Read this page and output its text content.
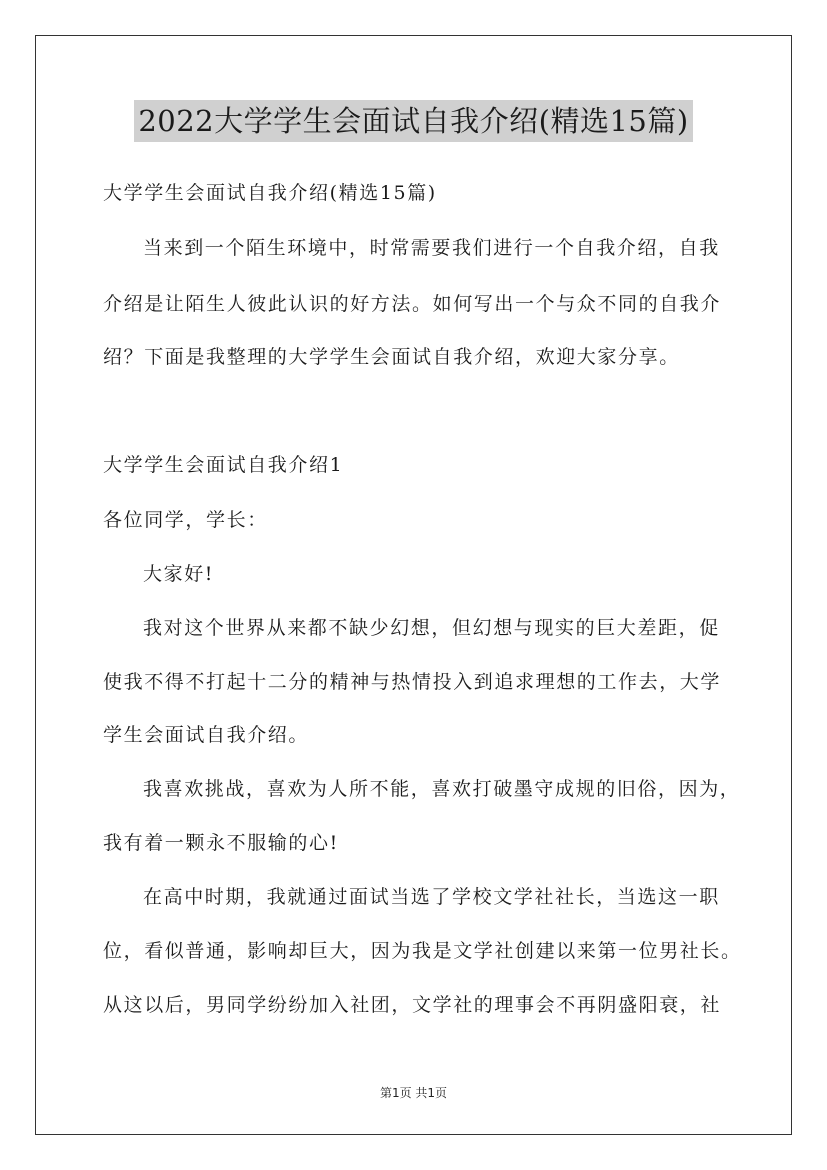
2022大学学生会面试自我介绍(精选15篇)
大学学生会面试自我介绍(精选15篇)
当来到一个陌生环境中，时常需要我们进行一个自我介绍，自我
介绍是让陌生人彼此认识的好方法。如何写出一个与众不同的自我介
绍？下面是我整理的大学学生会面试自我介绍，欢迎大家分享。
大学学生会面试自我介绍1
各位同学，学长：
大家好!
我对这个世界从来都不缺少幻想，但幻想与现实的巨大差距，促
使我不得不打起十二分的精神与热情投入到追求理想的工作去，大学
学生会面试自我介绍。
我喜欢挑战，喜欢为人所不能，喜欢打破墨守成规的旧俗，因为，
我有着一颗永不服输的心!
在高中时期，我就通过面试当选了学校文学社社长，当选这一职
位，看似普通，影响却巨大，因为我是文学社创建以来第一位男社长。
从这以后，男同学纷纷加入社团，文学社的理事会不再阴盛阳衰，社
第1页 共1页
